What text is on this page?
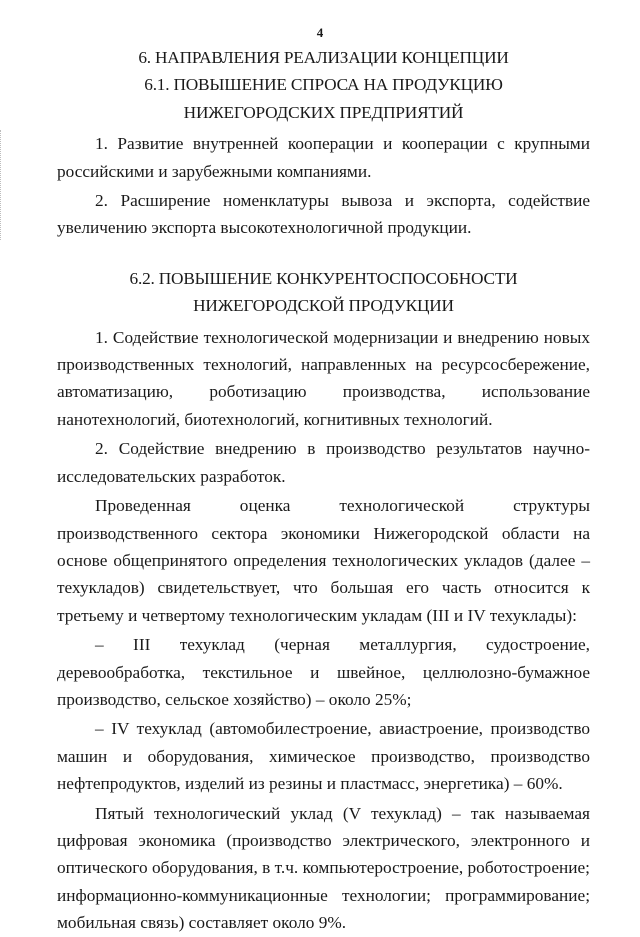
4
6. НАПРАВЛЕНИЯ РЕАЛИЗАЦИИ КОНЦЕПЦИИ
6.1. ПОВЫШЕНИЕ СПРОСА НА ПРОДУКЦИЮ
НИЖЕГОРОДСКИХ ПРЕДПРИЯТИЙ

1. Развитие внутренней кооперации и кооперации с крупными российскими и зарубежными компаниями.

2. Расширение номенклатуры вывоза и экспорта, содействие увеличению экспорта высокотехнологичной продукции.

6.2. ПОВЫШЕНИЕ КОНКУРЕНТОСПОСОБНОСТИ
НИЖЕГОРОДСКОЙ ПРОДУКЦИИ

1. Содействие технологической модернизации и внедрению новых производственных технологий, направленных на ресурсосбережение, автоматизацию, роботизацию производства, использование нанотехнологий, биотехнологий, когнитивных технологий.

2. Содействие внедрению в производство результатов научно-исследовательских разработок.

Проведенная оценка технологической структуры производственного сектора экономики Нижегородской области на основе общепринятого определения технологических укладов (далее – техукладов) свидетельствует, что большая его часть относится к третьему и четвертому технологическим укладам (III и IV техуклады):

– III техуклад (черная металлургия, судостроение, деревообработка, текстильное и швейное, целлюлозно-бумажное производство, сельское хозяйство) – около 25%;

– IV техуклад (автомобилестроение, авиастроение, производство машин и оборудования, химическое производство, производство нефтепродуктов, изделий из резины и пластмасс, энергетика) – 60%.

Пятый технологический уклад (V техуклад) – так называемая цифровая экономика (производство электрического, электронного и оптического оборудования, в т.ч. компьютеростроение, роботостроение; информационно-коммуникационные технологии; программирование; мобильная связь) составляет около 9%.
